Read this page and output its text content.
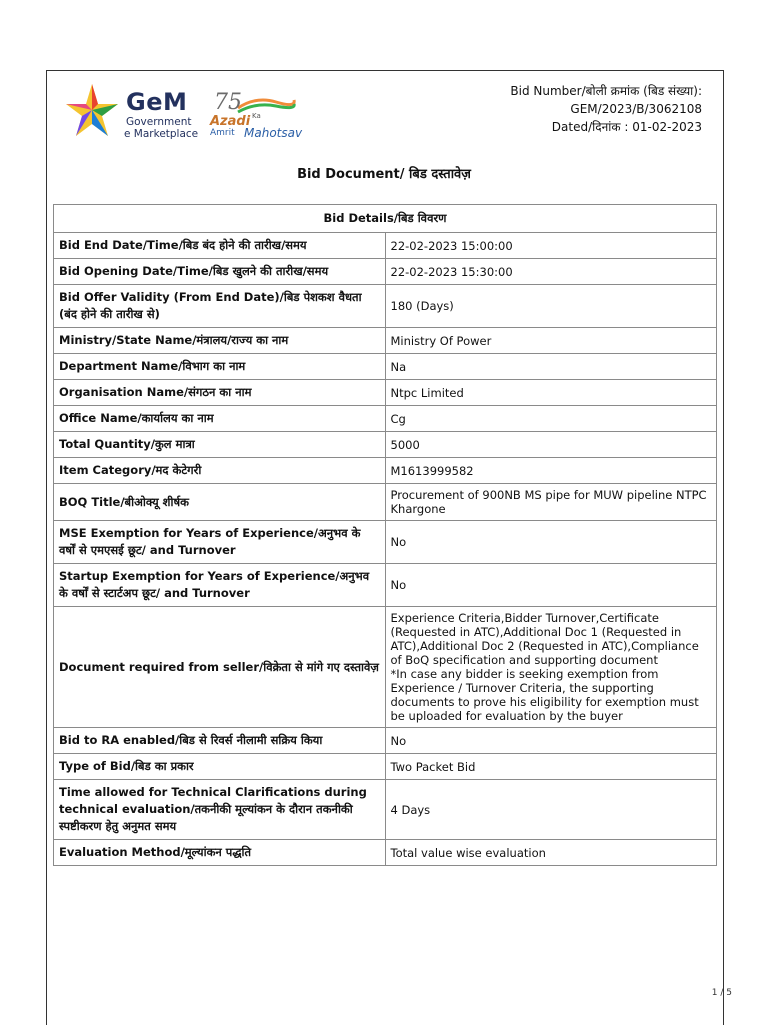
GeM
Government
e Marketplace
75
Azadi Ka
Amrit Mahotsav
Bid Number/बोली क्रमांक (बिड संख्या):
GEM/2023/B/3062108
Dated/दिनांक : 01-02-2023
Bid Document/ बिड दस्तावेज़
Bid Details/बिड विवरण	
Bid End Date/Time/बिड बंद होने की तारीख/समय	22-02-2023 15:00:00
Bid Opening Date/Time/बिड खुलने की तारीख/समय	22-02-2023 15:30:00
Bid Offer Validity (From End Date)/बिड पेशकश वैधता (बंद होने की तारीख से)	180 (Days)
Ministry/State Name/मंत्रालय/राज्य का नाम	Ministry Of Power
Department Name/विभाग का नाम	Na
Organisation Name/संगठन का नाम	Ntpc Limited
Office Name/कार्यालय का नाम	Cg
Total Quantity/कुल मात्रा	5000
Item Category/मद केटेगरी	M1613999582
BOQ Title/बीओक्यू शीर्षक	Procurement of 900NB MS pipe for MUW pipeline NTPC Khargone
MSE Exemption for Years of Experience/अनुभव के वर्षों से एमएसई छूट/ and Turnover	No
Startup Exemption for Years of Experience/अनुभव के वर्षों से स्टार्टअप छूट/ and Turnover	No
Document required from seller/विक्रेता से मांगे गए दस्तावेज़	Experience Criteria,Bidder Turnover,Certificate (Requested in ATC),Additional Doc 1 (Requested in ATC),Additional Doc 2 (Requested in ATC),Compliance of BoQ specification and supporting document
*In case any bidder is seeking exemption from Experience / Turnover Criteria, the supporting documents to prove his eligibility for exemption must be uploaded for evaluation by the buyer
Bid to RA enabled/बिड से रिवर्स नीलामी सक्रिय किया	No
Type of Bid/बिड का प्रकार	Two Packet Bid
Time allowed for Technical Clarifications during technical evaluation/तकनीकी मूल्यांकन के दौरान तकनीकी स्पष्टीकरण हेतु अनुमत समय	4 Days
Evaluation Method/मूल्यांकन पद्धति	Total value wise evaluation
1 / 5
